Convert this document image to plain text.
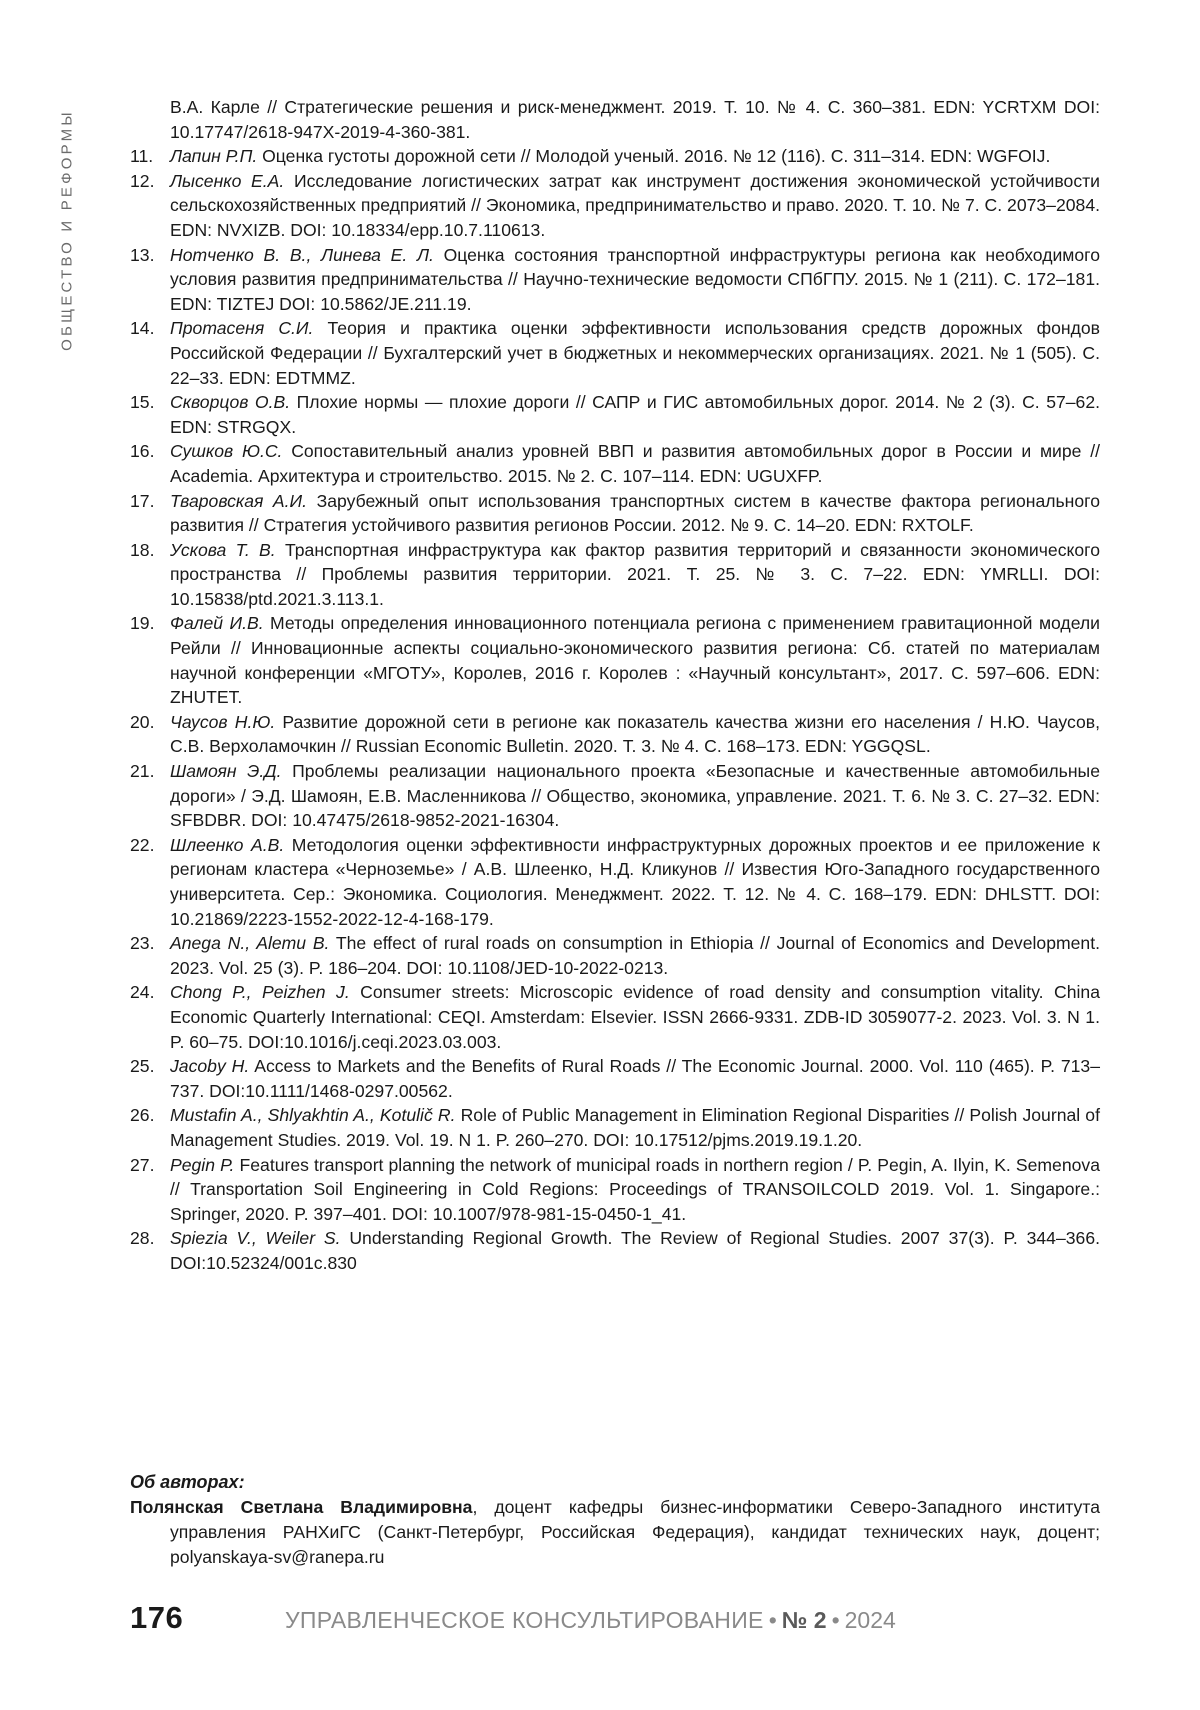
ОБЩЕСТВО И РЕФОРМЫ
В.А. Карле // Стратегические решения и риск-менеджмент. 2019. Т. 10. № 4. С. 360–381. EDN: YCRTXM DOI: 10.17747/2618-947X-2019-4-360-381.
11. Лапин Р.П. Оценка густоты дорожной сети // Молодой ученый. 2016. № 12 (116). С. 311–314. EDN: WGFOIJ.
12. Лысенко Е.А. Исследование логистических затрат как инструмент достижения экономической устойчивости сельскохозяйственных предприятий // Экономика, предпринимательство и право. 2020. Т. 10. № 7. С. 2073–2084. EDN: NVXIZB. DOI: 10.18334/epp.10.7.110613.
13. Нотченко В. В., Линева Е. Л. Оценка состояния транспортной инфраструктуры региона как необходимого условия развития предпринимательства // Научно-технические ведомости СПбГПУ. 2015. № 1 (211). С. 172–181. EDN: TIZTEJ DOI: 10.5862/JE.211.19.
14. Протасеня С.И. Теория и практика оценки эффективности использования средств дорожных фондов Российской Федерации // Бухгалтерский учет в бюджетных и некоммерческих организациях. 2021. № 1 (505). С. 22–33. EDN: EDTMMZ.
15. Скворцов О.В. Плохие нормы — плохие дороги // САПР и ГИС автомобильных дорог. 2014. № 2 (3). С. 57–62. EDN: STRGQX.
16. Сушков Ю.С. Сопоставительный анализ уровней ВВП и развития автомобильных дорог в России и мире // Academia. Архитектура и строительство. 2015. № 2. С. 107–114. EDN: UGUXFP.
17. Тваровская А.И. Зарубежный опыт использования транспортных систем в качестве фактора регионального развития // Стратегия устойчивого развития регионов России. 2012. № 9. С. 14–20. EDN: RXTOLF.
18. Ускова Т. В. Транспортная инфраструктура как фактор развития территорий и связанности экономического пространства // Проблемы развития территории. 2021. Т. 25. № 3. С. 7–22. EDN: YMRLLI. DOI: 10.15838/ptd.2021.3.113.1.
19. Фалей И.В. Методы определения инновационного потенциала региона с применением гравитационной модели Рейли // Инновационные аспекты социально-экономического развития региона: Сб. статей по материалам научной конференции «МГОТУ», Королев, 2016 г. Королев : «Научный консультант», 2017. С. 597–606. EDN: ZHUTET.
20. Чаусов Н.Ю. Развитие дорожной сети в регионе как показатель качества жизни его населения / Н.Ю. Чаусов, С.В. Верхоламочкин // Russian Economic Bulletin. 2020. Т. 3. № 4. С. 168–173. EDN: YGGQSL.
21. Шамоян Э.Д. Проблемы реализации национального проекта «Безопасные и качественные автомобильные дороги» / Э.Д. Шамоян, Е.В. Масленникова // Общество, экономика, управление. 2021. Т. 6. № 3. С. 27–32. EDN: SFBDBR. DOI: 10.47475/2618-9852-2021-16304.
22. Шлеенко А.В. Методология оценки эффективности инфраструктурных дорожных проектов и ее приложение к регионам кластера «Черноземье» / А.В. Шлеенко, Н.Д. Кликунов // Известия Юго-Западного государственного университета. Сер.: Экономика. Социология. Менеджмент. 2022. Т. 12. № 4. С. 168–179. EDN: DHLSTT. DOI: 10.21869/2223-1552-2022-12-4-168-179.
23. Anega N., Alemu B. The effect of rural roads on consumption in Ethiopia // Journal of Economics and Development. 2023. Vol. 25 (3). P. 186–204. DOI: 10.1108/JED-10-2022-0213.
24. Chong P., Peizhen J. Consumer streets: Microscopic evidence of road density and consumption vitality. China Economic Quarterly International: CEQI. Amsterdam: Elsevier. ISSN 2666-9331. ZDB-ID 3059077-2. 2023. Vol. 3. N 1. P. 60–75. DOI:10.1016/j.ceqi.2023.03.003.
25. Jacoby H. Access to Markets and the Benefits of Rural Roads // The Economic Journal. 2000. Vol. 110 (465). P. 713–737. DOI:10.1111/1468-0297.00562.
26. Mustafin A., Shlyakhtin A., Kotulič R. Role of Public Management in Elimination Regional Disparities // Polish Journal of Management Studies. 2019. Vol. 19. N 1. P. 260–270. DOI: 10.17512/pjms.2019.19.1.20.
27. Pegin P. Features transport planning the network of municipal roads in northern region / P. Pegin, A. Ilyin, K. Semenova // Transportation Soil Engineering in Cold Regions: Proceedings of TRANSOILCOLD 2019. Vol. 1. Singapore.: Springer, 2020. P. 397–401. DOI: 10.1007/978-981-15-0450-1_41.
28. Spiezia V., Weiler S. Understanding Regional Growth. The Review of Regional Studies. 2007 37(3). P. 344–366. DOI:10.52324/001c.830
Об авторах:
Полянская Светлана Владимировна, доцент кафедры бизнес-информатики Северо-Западного института управления РАНХиГС (Санкт-Петербург, Российская Федерация), кандидат технических наук, доцент; polyanskaya-sv@ranepa.ru
176	УПРАВЛЕНЧЕСКОЕ КОНСУЛЬТИРОВАНИЕ • № 2 • 2024
